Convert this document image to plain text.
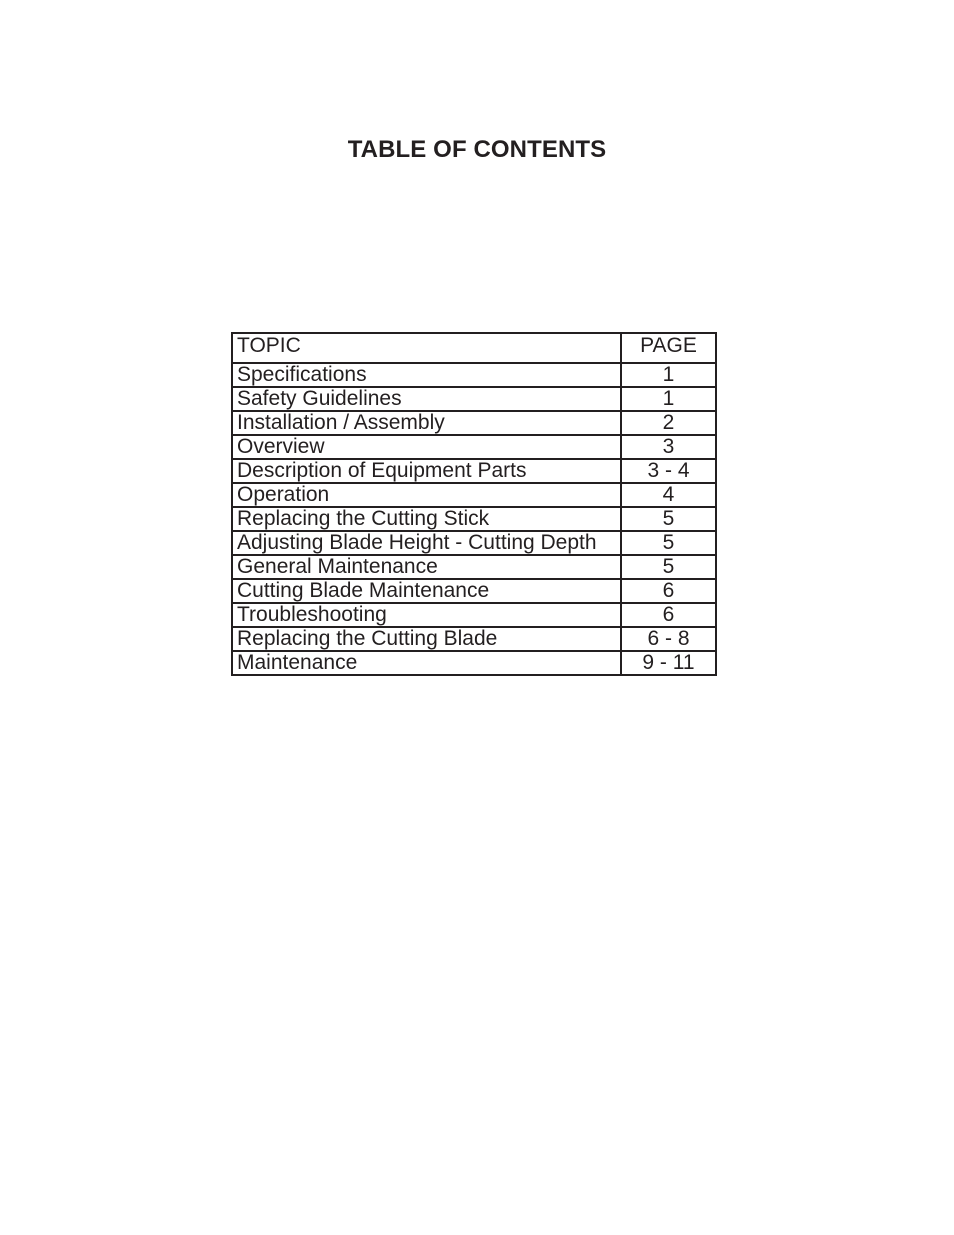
TABLE OF CONTENTS
TOPIC	PAGE
Specifications	1
Safety Guidelines	1
Installation / Assembly	2
Overview	3
Description of Equipment Parts	3 - 4
Operation	4
Replacing the Cutting Stick	5
Adjusting Blade Height - Cutting Depth	5
General Maintenance	5
Cutting Blade Maintenance	6
Troubleshooting	6
Replacing the Cutting Blade	6 - 8
Maintenance	9 - 11
